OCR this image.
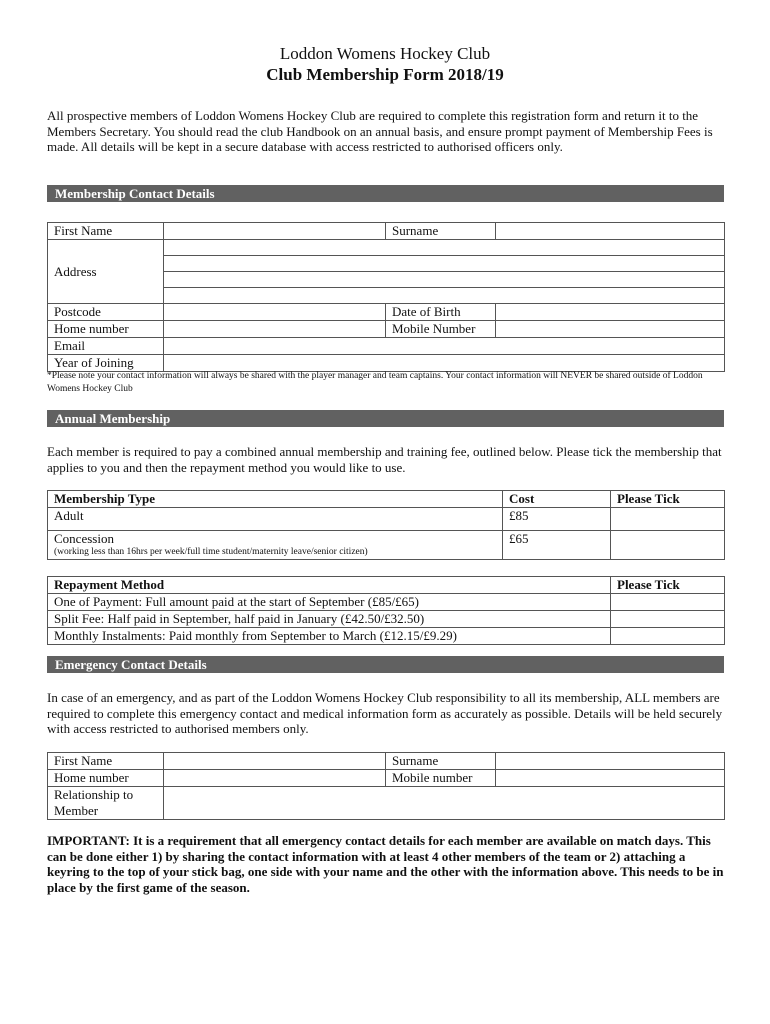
Loddon Womens Hockey Club
Club Membership Form 2018/19
All prospective members of Loddon Womens Hockey Club are required to complete this registration form and return it to the Members Secretary. You should read the club Handbook on an annual basis, and ensure prompt payment of Membership Fees is made. All details will be kept in a secure database with access restricted to authorised officers only.
Membership Contact Details
First Name		Surname	
Address			

Postcode		Date of Birth	
Home number		Mobile Number	
Email			
Year of Joining			
*Please note your contact information will always be shared with the player manager and team captains. Your contact information will NEVER be shared outside of Loddon Womens Hockey Club
Annual Membership
Each member is required to pay a combined annual membership and training fee, outlined below. Please tick the membership that applies to you and then the repayment method you would like to use.
Membership Type	Cost	Please Tick
Adult	£85	

Concession
(working less than 16hrs per week/full time student/maternity leave/senior citizen)	£65	
Repayment Method	Please Tick
One of Payment: Full amount paid at the start of September (£85/£65)	
Split Fee: Half paid in September, half paid in January (£42.50/£32.50)	
Monthly Instalments: Paid monthly from September to March (£12.15/£9.29)	
Emergency Contact Details
In case of an emergency, and as part of the Loddon Womens Hockey Club responsibility to all its membership, ALL members are required to complete this emergency contact and medical information form as accurately as possible. Details will be held securely with access restricted to authorised members only.
First Name		Surname	
Home number		Mobile number	

Relationship to
Member			

IMPORTANT: It is a requirement that all emergency contact details for each member are available on match days. This can be done either 1) by sharing the contact information with at least 4 other members of the team or 2) attaching a keyring to the top of your stick bag, one side with your name and the other with the information above. This needs to be in place by the first game of the season.
